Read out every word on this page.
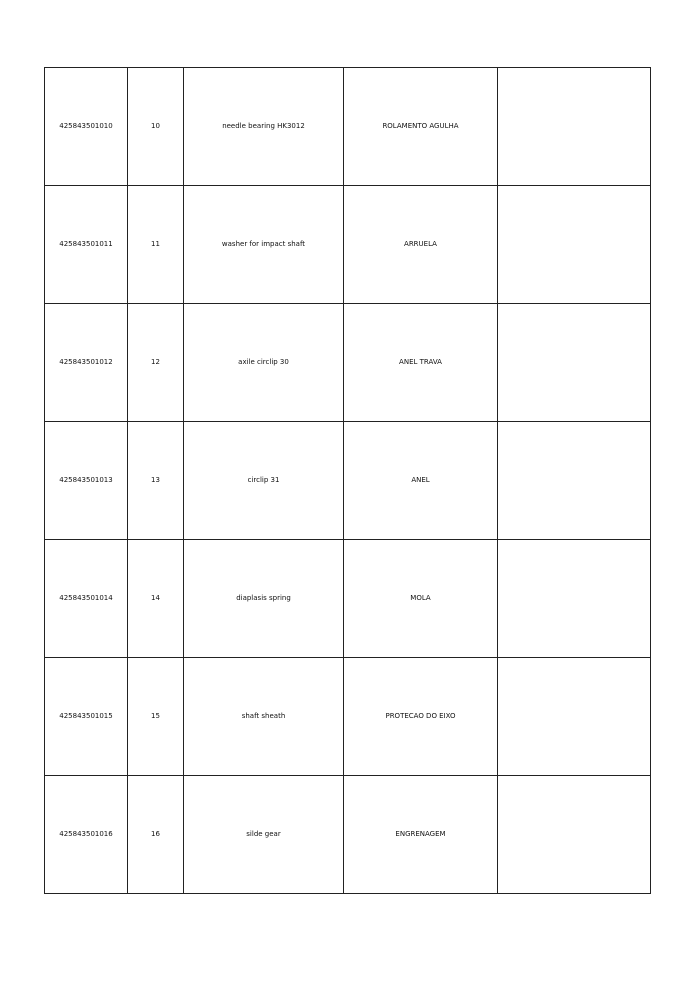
425843501010	10	needle bearing HK3012	ROLAMENTO AGULHA	
425843501011	11	washer for impact shaft	ARRUELA	
425843501012	12	axile circlip 30	ANEL TRAVA	
425843501013	13	circlip 31	ANEL	
425843501014	14	diaplasis spring	MOLA	
425843501015	15	shaft sheath	PROTECAO DO EIXO	
425843501016	16	silde gear	ENGRENAGEM	
